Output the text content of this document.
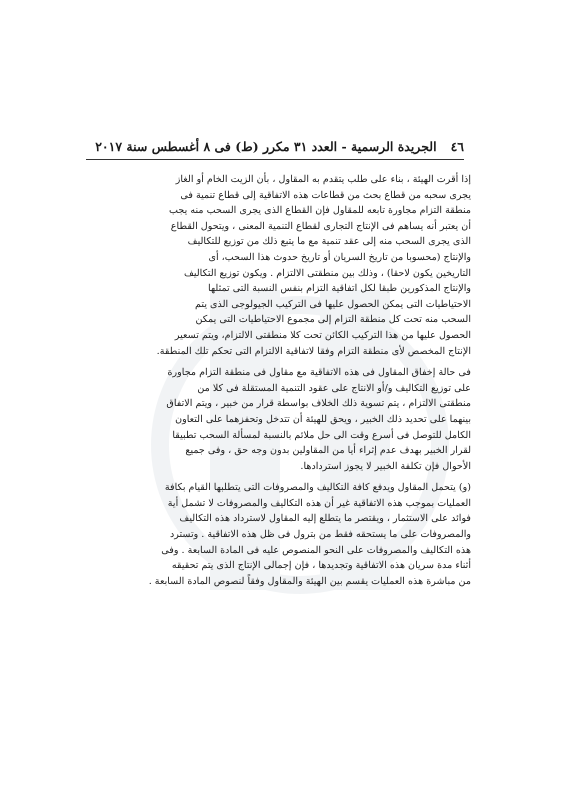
٤٦
الجريدة الرسمية - العدد ٣١ مكرر (ط) فى ٨ أغسطس سنة ٢٠١٧
إذا أقرت الهيئة ، بناء على طلب يتقدم به المقاول ، بأن الزيت الخام أو الغاز
يجرى سحبه من قطاع بحث من قطاعات هذه الاتفاقية إلى قطاع تنمية فى
منطقة التزام مجاورة تابعه للمقاول فإن القطاع الذى يجرى السحب منه يجب
أن يعتبر أنه يساهم فى الإنتاج التجارى لقطاع التنمية المعنى ، ويتحول القطاع
الذى يجرى السحب منه إلى عقد تنمية مع ما يتبع ذلك من توزيع للتكاليف
والإنتاج (محسوبا من تاريخ السريان أو تاريخ حدوث هذا السحب، أى
التاريخين يكون لاحقا) ، وذلك بين منطقتى الالتزام . ويكون توزيع التكاليف
والإنتاج المذكورين طبقا لكل اتفاقية التزام بنفس النسبة التى تمثلها
الاحتياطيات التى يمكن الحصول عليها فى التركيب الجيولوجى الذى يتم
السحب منه تحت كل منطقة التزام إلى مجموع الاحتياطيات التى يمكن
الحصول عليها من هذا التركيب الكائن تحت كلا منطقتى الالتزام، ويتم تسعير
الإنتاج المخصص لأى منطقة التزام وفقا لاتفاقية الالتزام التى تحكم تلك المنطقة.
فى حالة إخفاق المقاول فى هذه الاتفاقية مع مقاول فى منطقة التزام مجاورة
على توزيع التكاليف و/أو الانتاج على عقود التنمية المستقلة فى كلا من
منطقتى الالتزام ، يتم تسوية ذلك الخلاف بواسطة قرار من خبير ، ويتم الاتفاق
بينهما على تحديد ذلك الخبير ، ويحق للهيئة أن تتدخل وتحفزهما على التعاون
الكامل للتوصل فى أسرع وقت الى حل ملائم بالنسبة لمسألة السحب تطبيقا
لقرار الخبير بهدف عدم إثراء أيا من المقاولين بدون وجه حق ، وفى جميع
الأحوال فإن تكلفة الخبير لا يجوز استردادها.
(و) يتحمل المقاول ويدفع كافة التكاليف والمصروفات التى يتطلبها القيام بكافة
العمليات بموجب هذه الاتفاقية غير أن هذه التكاليف والمصروفات لا تشمل أية
فوائد على الاستثمار ، ويقتصر ما يتطلع إليه المقاول لاسترداد هذه التكاليف
والمصروفات على ما يستحقه فقط من بترول فى ظل هذه الاتفاقية . وتسترد
هذه التكاليف والمصروفات على النحو المنصوص عليه فى المادة السابعة . وفى
أثناء مدة سريان هذه الاتفاقية وتجديدها ، فإن إجمالى الإنتاج الذى يتم تحقيقه
من مباشرة هذه العمليات يقسم بين الهيئة والمقاول وفقاً لنصوص المادة السابعة .
